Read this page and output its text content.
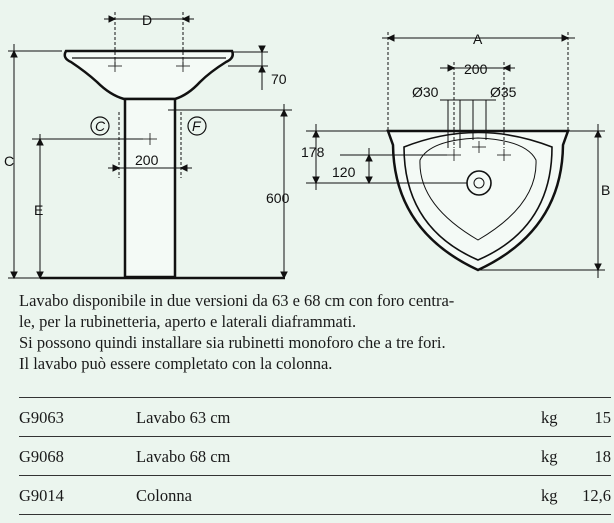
D
70
C
E
600
200
C	F
A
200
Ø30	Ø35
178
120
B

Lavabo disponibile in due versioni da 63 e 68 cm con foro centra-

le, per la rubinetteria, aperto e laterali diaframmati.

Si possono quindi installare sia rubinetti monoforo che a tre fori.

Il lavabo può essere completato con la colonna.

G9063	Lavabo 63 cm	kg 15
G9068	Lavabo 68 cm	kg 18
G9014	Colonna	kg 12,6
